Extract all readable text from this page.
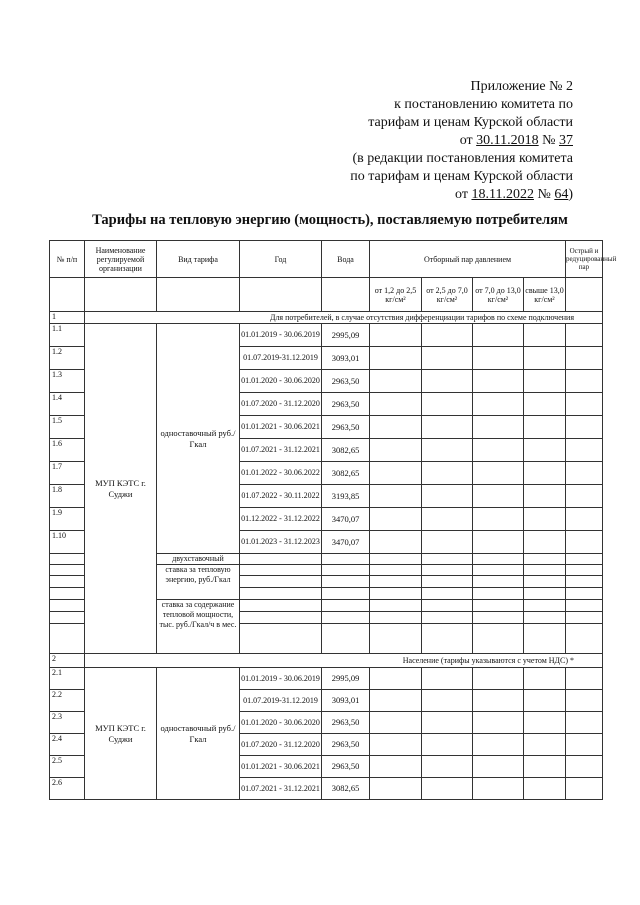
Приложение № 2
к постановлению комитета по
тарифам и ценам Курской области
от 30.11.2018 № 37
(в редакции постановления комитета
по тарифам и ценам Курской области
от 18.11.2022 № 64)
Тарифы на тепловую энергию (мощность), поставляемую потребителям
№ п/п	Наименование регулируемой организации	Вид тарифа	Год	Вода	Отборный пар давлением				Острый и редуцированный пар
					от 1,2 до 2,5 кг/см²	от 2,5 до 7,0 кг/см²	от 7,0 до 13,0 кг/см²	свыше 13,0 кг/см²	
1	Для потребителей, в случае отсутствия дифференциации тарифов по схеме подключения								
1.1	МУП КЭТС г. Суджи	одноставочный руб./Гкал	01.01.2019 - 30.06.2019	2995,09					
1.2			01.07.2019-31.12.2019	3093,01					
1.3			01.01.2020 - 30.06.2020	2963,50					
1.4			01.07.2020 - 31.12.2020	2963,50					
1.5			01.01.2021 - 30.06.2021	2963,50					
1.6			01.07.2021 - 31.12.2021	3082,65					
1.7			01.01.2022 - 30.06.2022	3082,65					
1.8			01.07.2022 - 30.11.2022	3193,85					
1.9			01.12.2022 - 31.12.2022	3470,07					
1.10			01.01.2023 - 31.12.2023	3470,07					
		двухставочный							
		ставка за тепловую энергию, руб./Гкал							

		ставка за содержание тепловой мощности, тыс. руб./Гкал/ч в мес.							

2	Население (тарифы указываются с учетом НДС) *								
2.1	МУП КЭТС г. Суджи	одноставочный руб./Гкал	01.01.2019 - 30.06.2019	2995,09					
2.2			01.07.2019-31.12.2019	3093,01					
2.3			01.01.2020 - 30.06.2020	2963,50					
2.4			01.07.2020 - 31.12.2020	2963,50					
2.5			01.01.2021 - 30.06.2021	2963,50					
2.6			01.07.2021 - 31.12.2021	3082,65					
